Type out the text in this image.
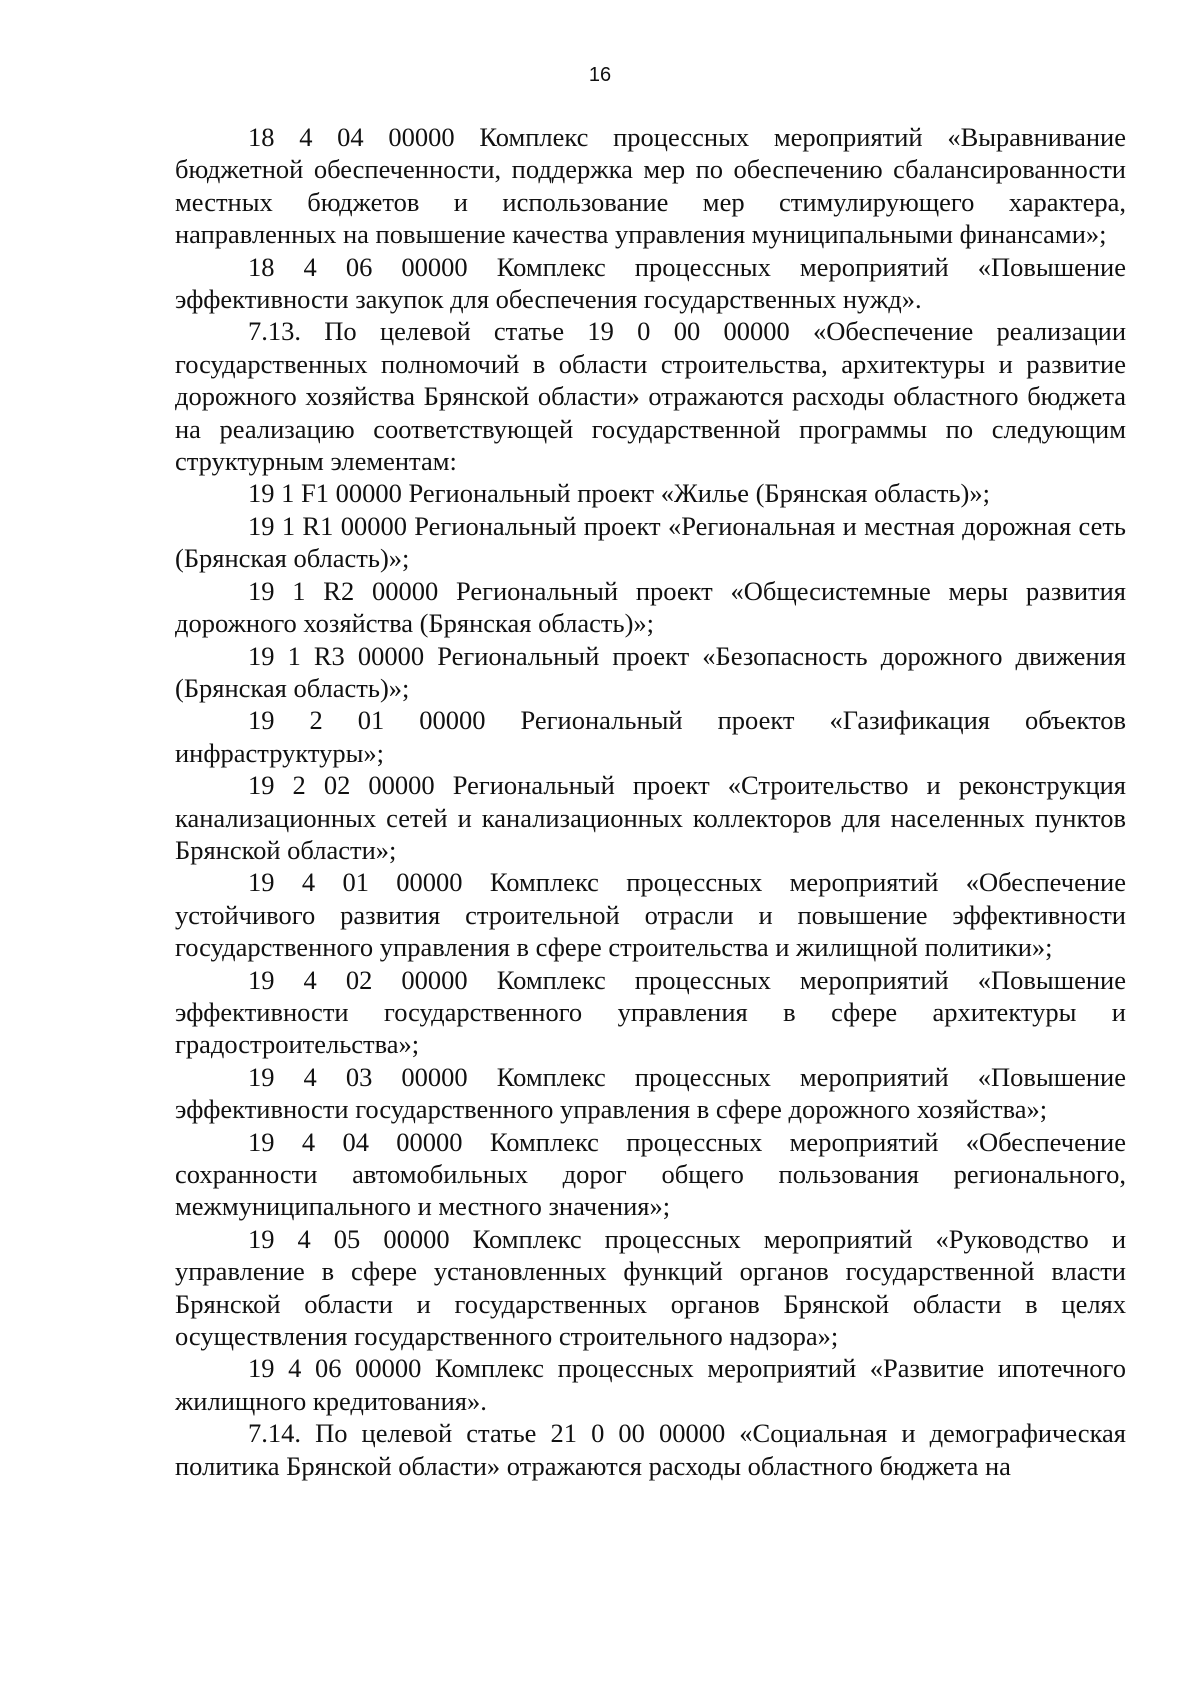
16

18 4 04 00000 Комплекс процессных мероприятий «Выравнивание бюджетной обеспеченности, поддержка мер по обеспечению сбалансированности местных бюджетов и использование мер стимулирующего характера, направленных на повышение качества управления муниципальными финансами»;

18 4 06 00000 Комплекс процессных мероприятий «Повышение эффективности закупок для обеспечения государственных нужд».

7.13. По целевой статье 19 0 00 00000 «Обеспечение реализации государственных полномочий в области строительства, архитектуры и развитие дорожного хозяйства Брянской области» отражаются расходы областного бюджета на реализацию соответствующей государственной программы по следующим структурным элементам:

19 1 F1 00000 Региональный проект «Жилье (Брянская область)»;

19 1 R1 00000 Региональный проект «Региональная и местная дорожная сеть (Брянская область)»;

19 1 R2 00000 Региональный проект «Общесистемные меры развития дорожного хозяйства (Брянская область)»;

19 1 R3 00000 Региональный проект «Безопасность дорожного движения (Брянская область)»;

19 2 01 00000 Региональный проект «Газификация объектов инфраструктуры»;

19 2 02 00000 Региональный проект «Строительство и реконструкция канализационных сетей и канализационных коллекторов для населенных пунктов Брянской области»;

19 4 01 00000 Комплекс процессных мероприятий «Обеспечение устойчивого развития строительной отрасли и повышение эффективности государственного управления в сфере строительства и жилищной политики»;

19 4 02 00000 Комплекс процессных мероприятий «Повышение эффективности государственного управления в сфере архитектуры и градостроительства»;

19 4 03 00000 Комплекс процессных мероприятий «Повышение эффективности государственного управления в сфере дорожного хозяйства»;

19 4 04 00000 Комплекс процессных мероприятий «Обеспечение сохранности автомобильных дорог общего пользования регионального, межмуниципального и местного значения»;

19 4 05 00000 Комплекс процессных мероприятий «Руководство и управление в сфере установленных функций органов государственной власти Брянской области и государственных органов Брянской области в целях осуществления государственного строительного надзора»;

19 4 06 00000 Комплекс процессных мероприятий «Развитие ипотечного жилищного кредитования».

7.14. По целевой статье 21 0 00 00000 «Социальная и демографическая политика Брянской области» отражаются расходы областного бюджета на
